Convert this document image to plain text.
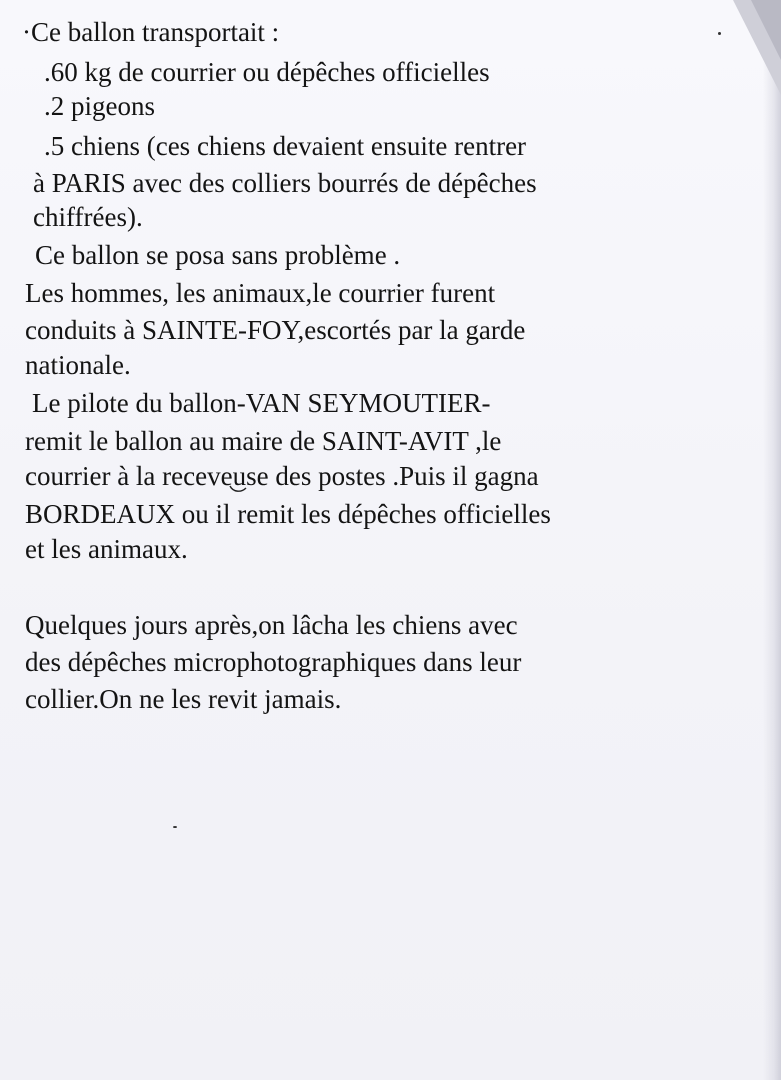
·Ce ballon transportait :
.60 kg de courrier ou dépêches officielles
.2 pigeons
.5 chiens (ces chiens devaient ensuite rentrer
à PARIS avec des colliers bourrés de dépêches
chiffrées).
Ce ballon se posa sans problème .
Les hommes, les animaux,le courrier furent
conduits à SAINTE-FOY,escortés par la garde
nationale.
Le pilote du ballon-VAN SEYMOUTIER-
remit le ballon au maire de SAINT-AVIT ,le
courrier à la receveuse des postes .Puis il gagna
BORDEAUX ou il remit les dépêches officielles
et les animaux.
Quelques jours après,on lâcha les chiens avec
des dépêches microphotographiques dans leur
collier.On ne les revit jamais.
